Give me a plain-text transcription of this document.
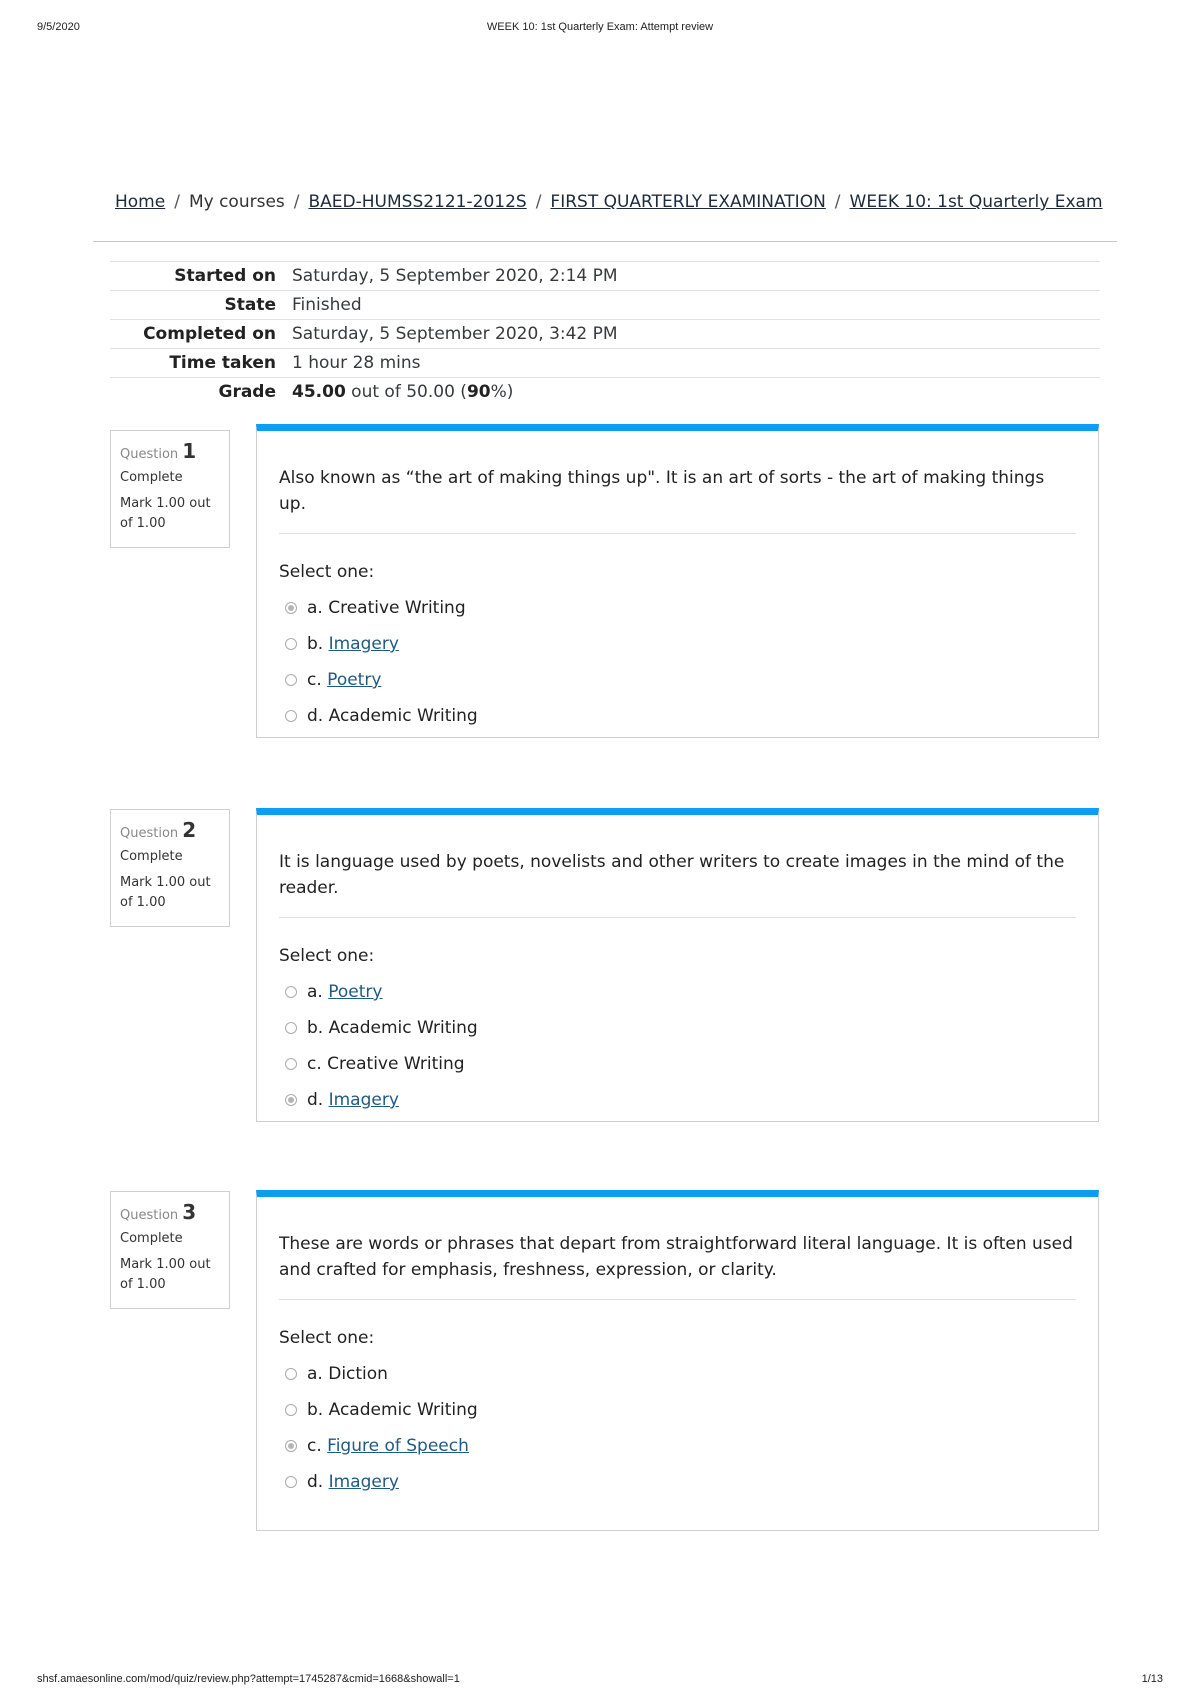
9/5/2020	WEEK 10: 1st Quarterly Exam: Attempt review
Home / My courses / BAED-HUMSS2121-2012S / FIRST QUARTERLY EXAMINATION / WEEK 10: 1st Quarterly Exam
Started on	Saturday, 5 September 2020, 2:14 PM
State	Finished
Completed on	Saturday, 5 September 2020, 3:42 PM
Time taken	1 hour 28 mins
Grade	45.00 out of 50.00 (90%)
Question 1
Complete
Mark 1.00 out of 1.00
Also known as “the art of making things up". It is an art of sorts - the art of making things up.
Select one:
a. Creative Writing
b. Imagery
c. Poetry
d. Academic Writing
Question 2
Complete
Mark 1.00 out of 1.00
It is language used by poets, novelists and other writers to create images in the mind of the reader.
Select one:
a. Poetry
b. Academic Writing
c. Creative Writing
d. Imagery
Question 3
Complete
Mark 1.00 out of 1.00
These are words or phrases that depart from straightforward literal language. It is often used and crafted for emphasis, freshness, expression, or clarity.
Select one:
a. Diction
b. Academic Writing
c. Figure of Speech
d. Imagery
shsf.amaesonline.com/mod/quiz/review.php?attempt=1745287&cmid=1668&showall=1	1/13
